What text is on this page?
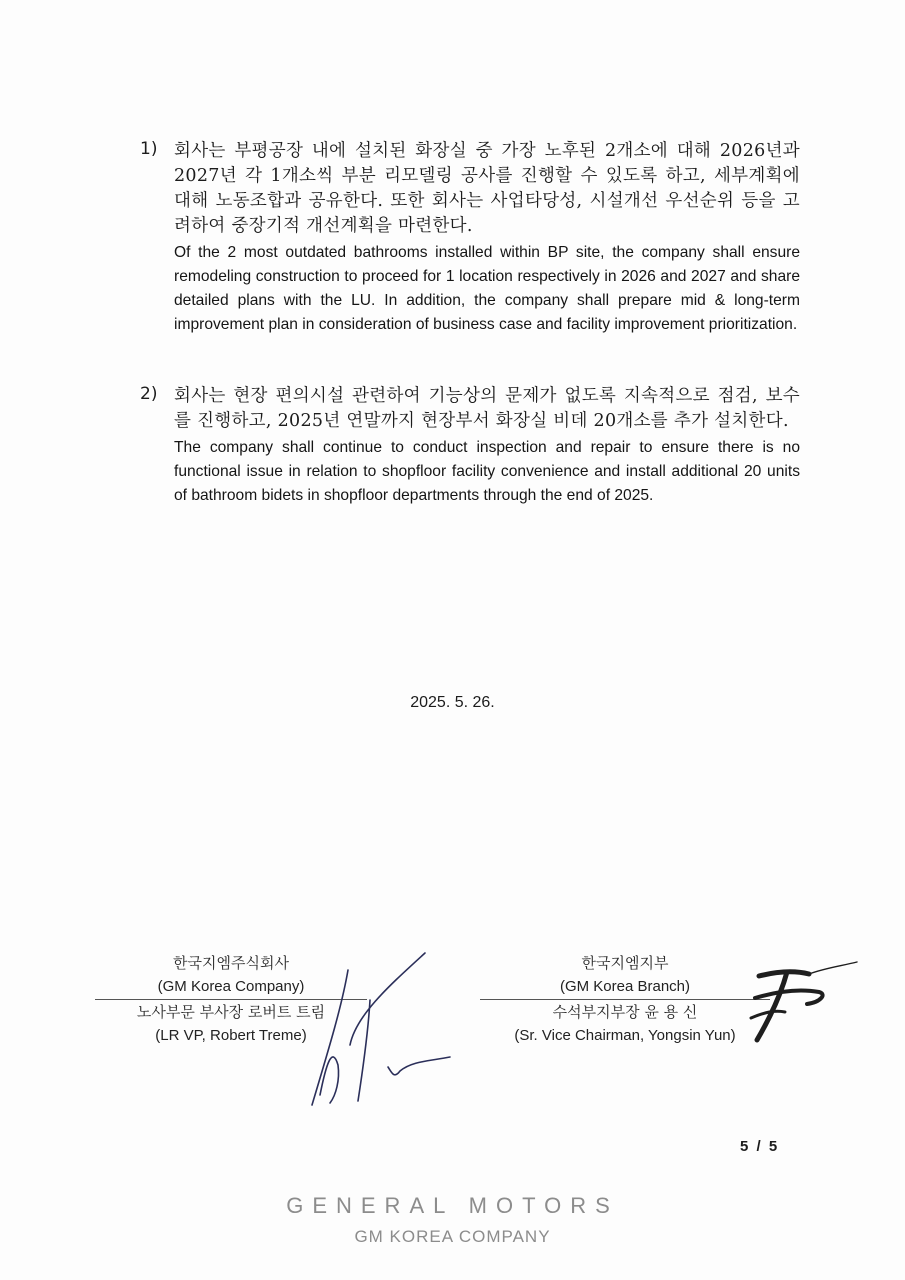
1) 회사는 부평공장 내에 설치된 화장실 중 가장 노후된 2개소에 대해 2026년과 2027년 각 1개소씩 부분 리모델링 공사를 진행할 수 있도록 하고, 세부계획에 대해 노동조합과 공유한다. 또한 회사는 사업타당성, 시설개선 우선순위 등을 고려하여 중장기적 개선계획을 마련한다.

Of the 2 most outdated bathrooms installed within BP site, the company shall ensure remodeling construction to proceed for 1 location respectively in 2026 and 2027 and share detailed plans with the LU. In addition, the company shall prepare mid & long-term improvement plan in consideration of business case and facility improvement prioritization.

2) 회사는 현장 편의시설 관련하여 기능상의 문제가 없도록 지속적으로 점검, 보수를 진행하고, 2025년 연말까지 현장부서 화장실 비데 20개소를 추가 설치한다.

The company shall continue to conduct inspection and repair to ensure there is no functional issue in relation to shopfloor facility convenience and install additional 20 units of bathroom bidets in shopfloor departments through the end of 2025.

2025. 5. 26.
한국지엠주식회사
(GM Korea Company)
노사부문 부사장 로버트 트림
(LR VP, Robert Treme)
한국지엠지부
(GM Korea Branch)
수석부지부장 윤 용 신
(Sr. Vice Chairman, Yongsin Yun)
5 / 5
GENERAL MOTORS
GM KOREA COMPANY
